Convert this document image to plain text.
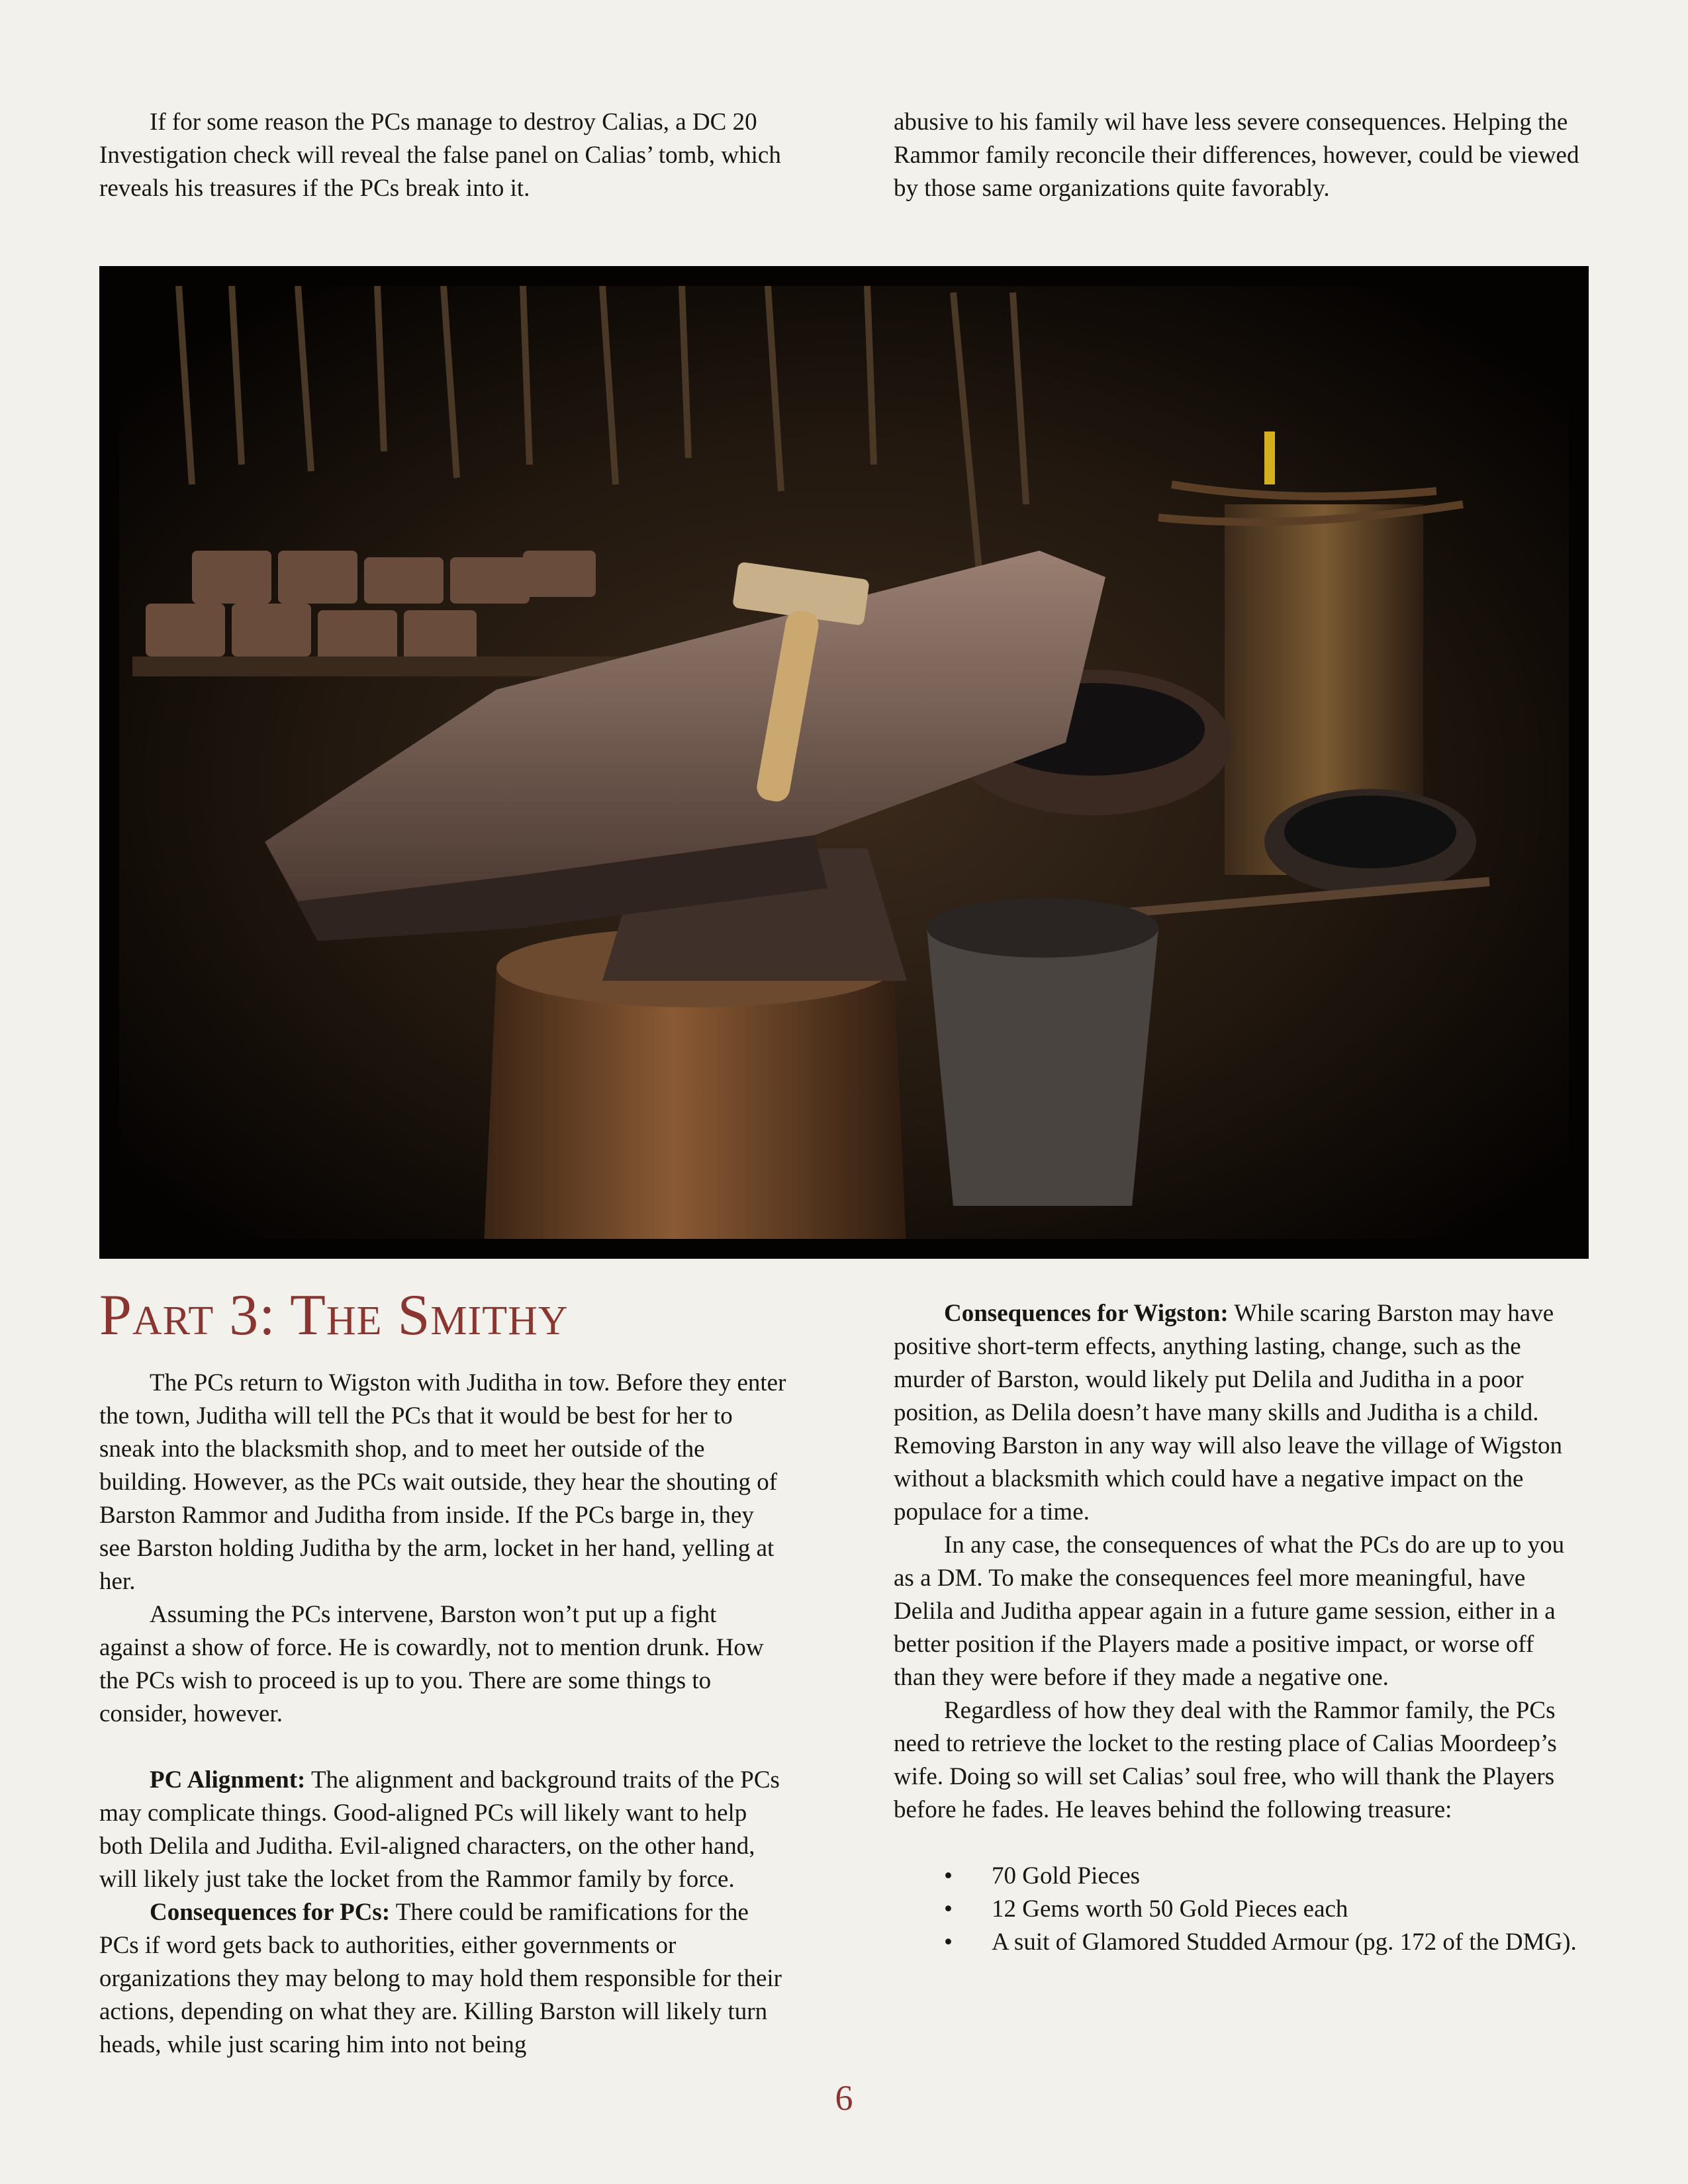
If for some reason the PCs manage to destroy Calias, a DC 20 Investigation check will reveal the false panel on Calias’ tomb, which reveals his treasures if the PCs break into it.

abusive to his family wil have less severe consequences. Helping the Rammor family reconcile their differences, however, could be viewed by those same organizations quite favorably.

Part 3: The Smithy

The PCs return to Wigston with Juditha in tow. Before they enter the town, Juditha will tell the PCs that it would be best for her to sneak into the blacksmith shop, and to meet her outside of the building. However, as the PCs wait outside, they hear the shouting of Barston Rammor and Juditha from inside. If the PCs barge in, they see Barston holding Juditha by the arm, locket in her hand, yelling at her.

Assuming the PCs intervene, Barston won’t put up a fight against a show of force. He is cowardly, not to mention drunk. How the PCs wish to proceed is up to you. There are some things to consider, however.

PC Alignment: The alignment and background traits of the PCs may complicate things. Good-aligned PCs will likely want to help both Delila and Juditha. Evil-aligned characters, on the other hand, will likely just take the locket from the Rammor family by force.

Consequences for PCs: There could be ramifications for the PCs if word gets back to authorities, either governments or organizations they may belong to may hold them responsible for their actions, depending on what they are. Killing Barston will likely turn heads, while just scaring him into not being

Consequences for Wigston: While scaring Barston may have positive short-term effects, anything lasting, change, such as the murder of Barston, would likely put Delila and Juditha in a poor position, as Delila doesn’t have many skills and Juditha is a child. Removing Barston in any way will also leave the village of Wigston without a blacksmith which could have a negative impact on the populace for a time.

In any case, the consequences of what the PCs do are up to you as a DM. To make the consequences feel more meaningful, have Delila and Juditha appear again in a future game session, either in a better position if the Players made a positive impact, or worse off than they were before if they made a negative one.

Regardless of how they deal with the Rammor family, the PCs need to retrieve the locket to the resting place of Calias Moordeep’s wife. Doing so will set Calias’ soul free, who will thank the Players before he fades. He leaves behind the following treasure:

• 70 Gold Pieces
• 12 Gems worth 50 Gold Pieces each
• A suit of Glamored Studded Armour (pg. 172 of the DMG).
6
